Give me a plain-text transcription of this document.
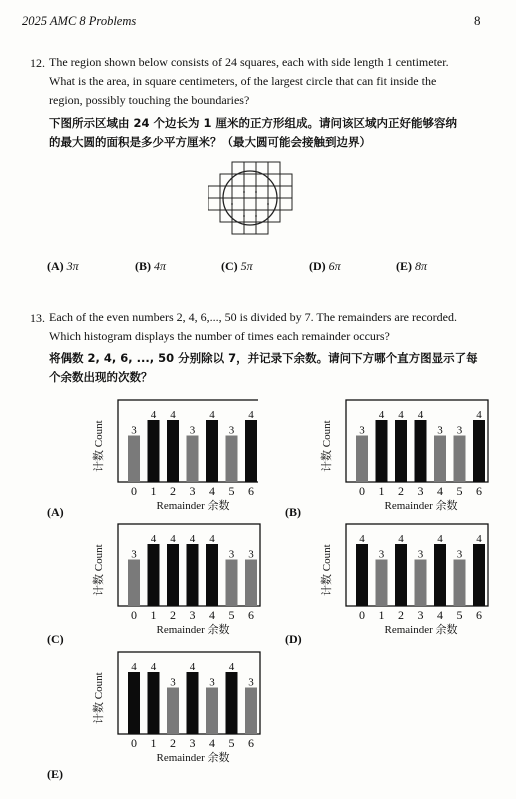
2025 AMC 8 Problems	8
12. The region shown below consists of 24 squares, each with side length 1 centimeter.
What is the area, in square centimeters, of the largest circle that can fit inside the
region, possibly touching the boundaries?
下图所示区域由 24 个边长为 1 厘米的正方形组成。请问该区域内正好能够容纳
的最大圆的面积是多少平方厘米？（最大圆可能会接触到边界）
(A) 3π	(B) 4π	(C) 5π	(D) 6π	(E) 8π
13. Each of the even numbers 2, 4, 6,..., 50 is divided by 7. The remainders are recorded.
Which histogram displays the number of times each remainder occurs?
将偶数 2, 4, 6, ..., 50 分别除以 7，并记录下余数。请问下方哪个直方图显示了每
个余数出现的次数？
计数 Count 3
0
4
1
4
2
3
3
4
4
3
5
4
6
Remainder 余数
计数 Count 3
0
4
1
4
2
4
3
3
4
3
5
4
6
Remainder 余数
计数 Count 3
0
4
1
4
2
4
3
4
4
3
5
3
6
Remainder 余数
计数 Count
4
0
3
1
4
2
3
3
4
4
3
5
4
6
Remainder 余数
计数 Count
4
0
4
1
3
2
4
3
3
4
4
5
3
6
Remainder 余数
(A)	(B)
(C)	(D)
(E)
